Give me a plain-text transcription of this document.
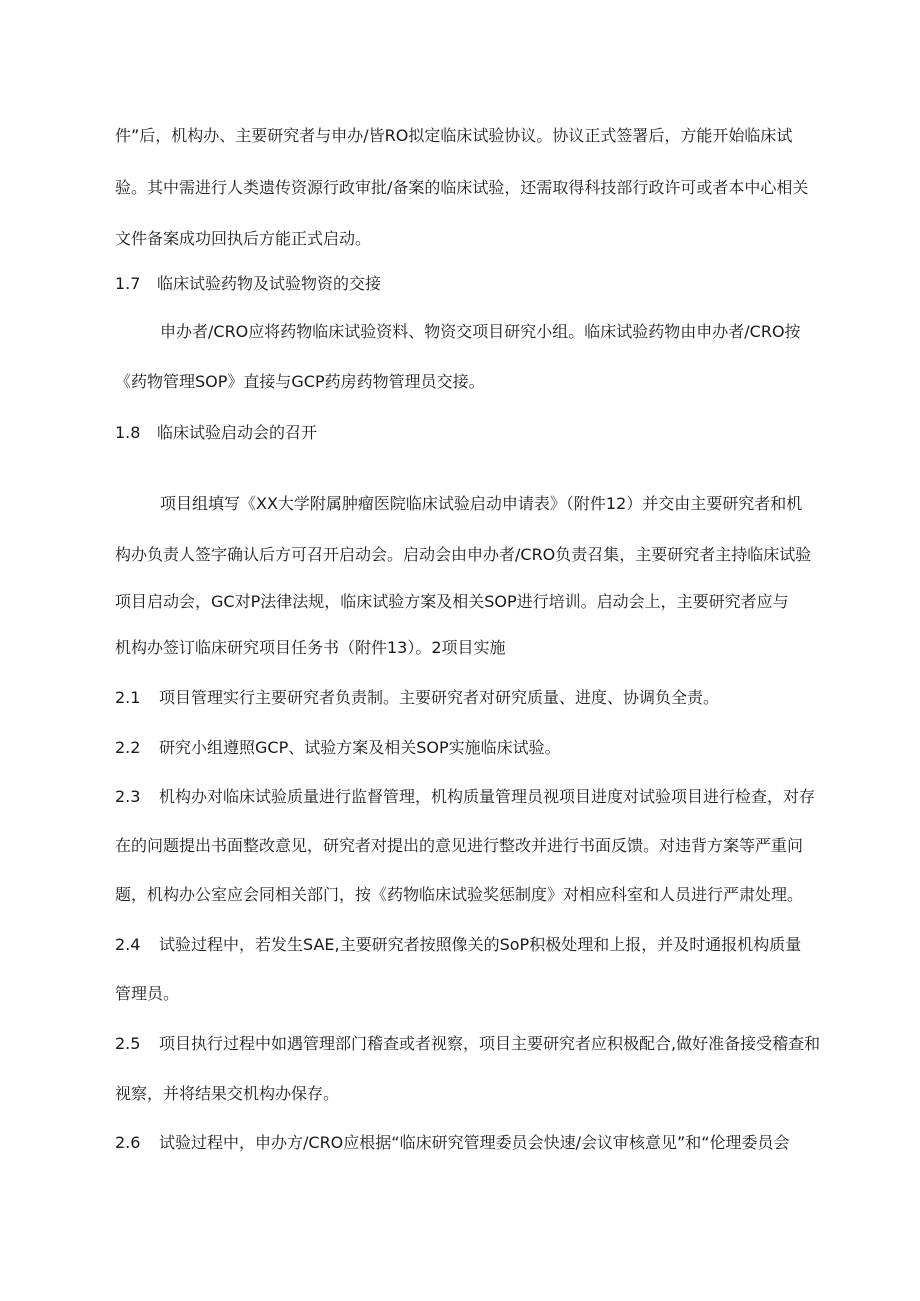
件”后，机构办、主要研究者与申办/皆RO拟定临床试验协议。协议正式签署后，方能开始临床试
验。其中需进行人类遗传资源行政审批/备案的临床试验，还需取得科技部行政许可或者本中心相关
文件备案成功回执后方能正式启动。
1.7 临床试验药物及试验物资的交接
申办者/CRO应将药物临床试验资料、物资交项目研究小组。临床试验药物由申办者/CRO按
《药物管理SOP》直接与GCP药房药物管理员交接。
1.8 临床试验启动会的召开
项目组填写《XX大学附属肿瘤医院临床试验启动申请表》（附件12）并交由主要研究者和机
构办负责人签字确认后方可召开启动会。启动会由申办者/CRO负责召集，主要研究者主持临床试验
项目启动会，GC对P法律法规，临床试验方案及相关SOP进行培训。启动会上，主要研究者应与
机构办签订临床研究项目任务书（附件13）。2项目实施
2.1 项目管理实行主要研究者负责制。主要研究者对研究质量、进度、协调负全责。
2.2 研究小组遵照GCP、试验方案及相关SOP实施临床试验。
2.3 机构办对临床试验质量进行监督管理，机构质量管理员视项目进度对试验项目进行检查，对存
在的问题提出书面整改意见，研究者对提出的意见进行整改并进行书面反馈。对违背方案等严重问
题，机构办公室应会同相关部门，按《药物临床试验奖惩制度》对相应科室和人员进行严肃处理。
2.4 试验过程中，若发生SAE,主要研究者按照像关的SoP积极处理和上报，并及时通报机构质量
管理员。
2.5 项目执行过程中如遇管理部门稽查或者视察，项目主要研究者应积极配合,做好准备接受稽查和
视察，并将结果交机构办保存。
2.6 试验过程中，申办方/CRO应根据“临床研究管理委员会快速/会议审核意见”和“伦理委员会
